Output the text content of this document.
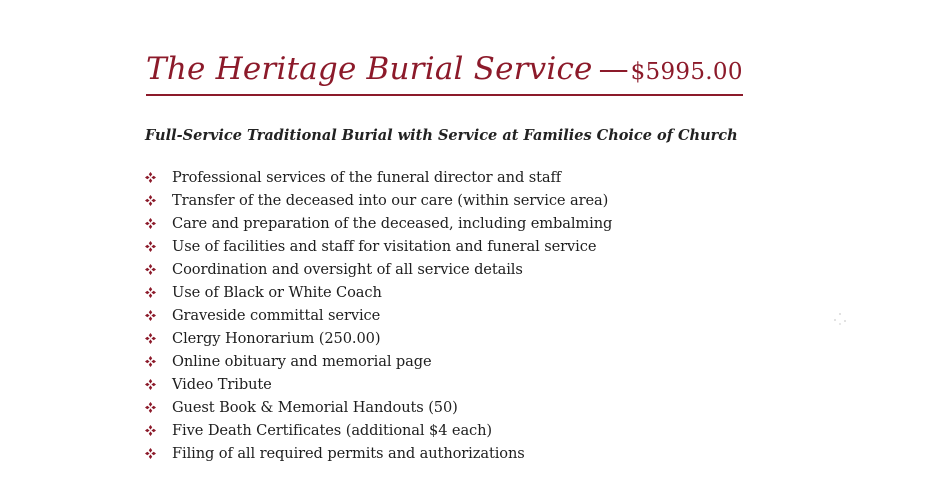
The Heritage Burial Service —$5995.00
Full-Service Traditional Burial with Service at Families Choice of Church
Professional services of the funeral director and staff
Transfer of the deceased into our care (within service area)
Care and preparation of the deceased, including embalming
Use of facilities and staff for visitation and funeral service
Coordination and oversight of all service details
Use of Black or White Coach
Graveside committal service
Clergy Honorarium (250.00)
Online obituary and memorial page
Video Tribute
Guest Book & Memorial Handouts (50)
Five Death Certificates (additional $4 each)
Filing of all required permits and authorizations
